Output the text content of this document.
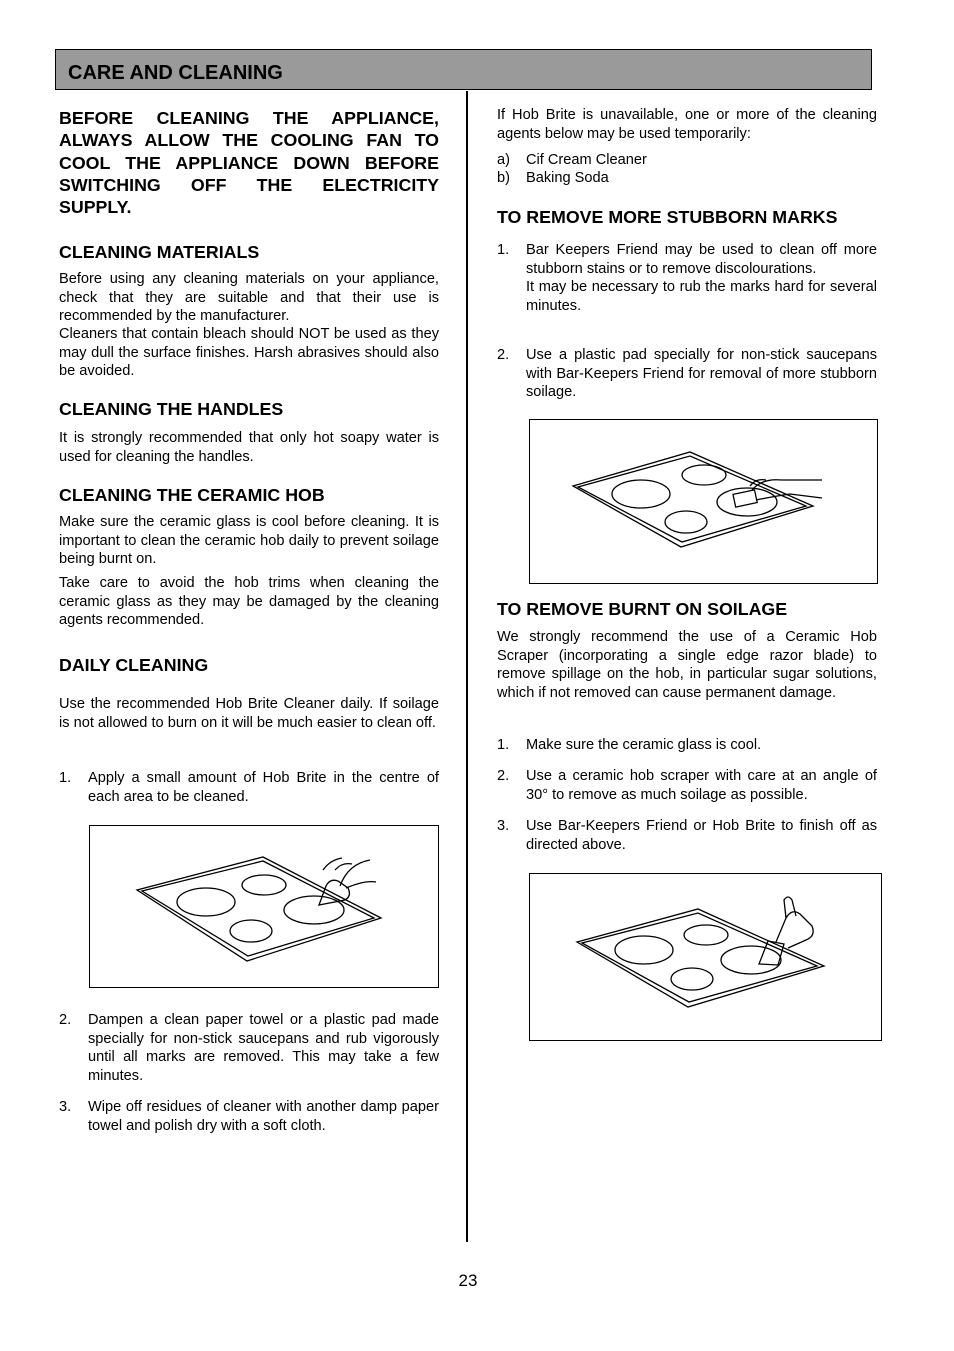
CARE AND CLEANING

BEFORE CLEANING THE APPLIANCE, ALWAYS ALLOW THE COOLING FAN TO COOL THE APPLIANCE DOWN BEFORE SWITCHING OFF THE ELECTRICITY SUPPLY.

CLEANING MATERIALS

Before using any cleaning materials on your appliance, check that they are suitable and that their use is recommended by the manufacturer.

Cleaners that contain bleach should NOT be used as they may dull the surface finishes. Harsh abrasives should also be avoided.

CLEANING THE HANDLES

It is strongly recommended that only hot soapy water is used for cleaning the handles.

CLEANING THE CERAMIC HOB

Make sure the ceramic glass is cool before cleaning. It is important to clean the ceramic hob daily to prevent soilage being burnt on.

Take care to avoid the hob trims when cleaning the ceramic glass as they may be damaged by the cleaning agents recommended.

DAILY CLEANING

Use the recommended Hob Brite Cleaner daily. If soilage is not allowed to burn on it will be much easier to clean off.

1. Apply a small amount of Hob Brite in the centre of each area to be cleaned.
2. Dampen a clean paper towel or a plastic pad made specially for non-stick saucepans and rub vigorously until all marks are removed. This may take a few minutes.
3. Wipe off residues of cleaner with another damp paper towel and polish dry with a soft cloth.

If Hob Brite is unavailable, one or more of the cleaning agents below may be used temporarily:

a) Cif Cream Cleaner
b) Baking Soda
TO REMOVE MORE STUBBORN MARKS
1. Bar Keepers Friend may be used to clean off more stubborn stains or to remove discolourations.
It may be necessary to rub the marks hard for several minutes.
2. Use a plastic pad specially for non-stick saucepans with Bar-Keepers Friend for removal of more stubborn soilage.
TO REMOVE BURNT ON SOILAGE

We strongly recommend the use of a Ceramic Hob Scraper (incorporating a single edge razor blade) to remove spillage on the hob, in particular sugar solutions, which if not removed can cause permanent damage.

1. Make sure the ceramic glass is cool.
2. Use a ceramic hob scraper with care at an angle of 30° to remove as much soilage as possible.
3. Use Bar-Keepers Friend or Hob Brite to finish off as directed above.
23
